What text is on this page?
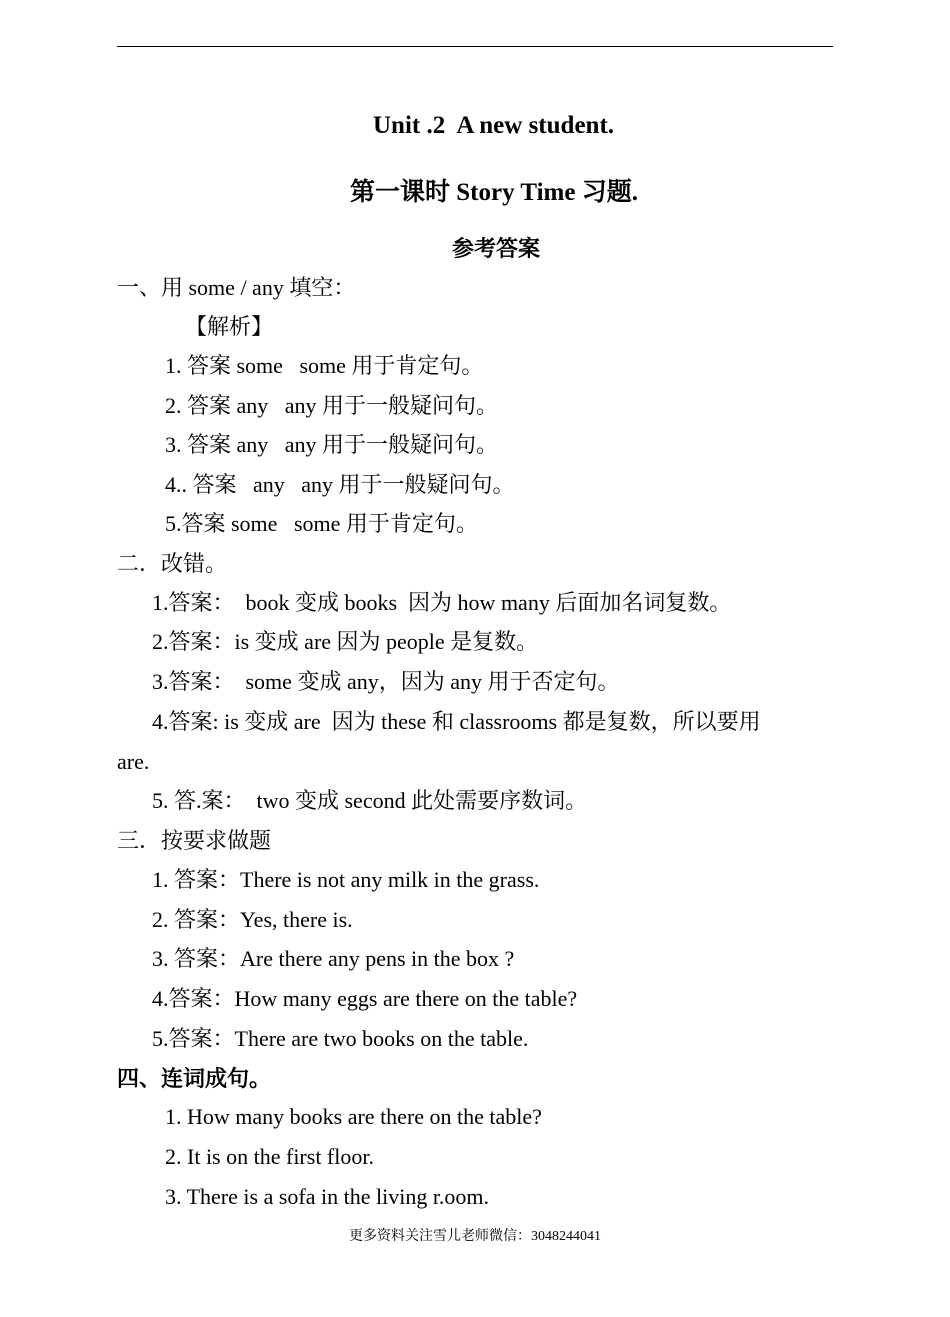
Unit .2  A new student.
第一课时 Story Time 习题.
参考答案
一、用 some / any 填空：
【解析】
1. 答案 some   some 用于肯定句。
2. 答案 any   any 用于一般疑问句。
3. 答案 any   any 用于一般疑问句。
4.. 答案   any   any 用于一般疑问句。
5.答案 some   some 用于肯定句。
二．改错。
1.答案：  book 变成 books  因为 how many 后面加名词复数。
2.答案：is 变成 are 因为 people 是复数。
3.答案：  some 变成 any，因为 any 用于否定句。
4.答案: is 变成 are  因为 these 和 classrooms 都是复数，所以要用
are.
5. 答.案：  two 变成 second 此处需要序数词。
三．按要求做题
1. 答案：There is not any milk in the grass.
2. 答案：Yes, there is.
3. 答案：Are there any pens in the box ?
4.答案：How many eggs are there on the table?
5.答案：There are two books on the table.
四、连词成句。
1. How many books are there on the table?
2. It is on the first floor.
3. There is a sofa in the living r.oom.
更多资料关注雪儿老师微信：3048244041
